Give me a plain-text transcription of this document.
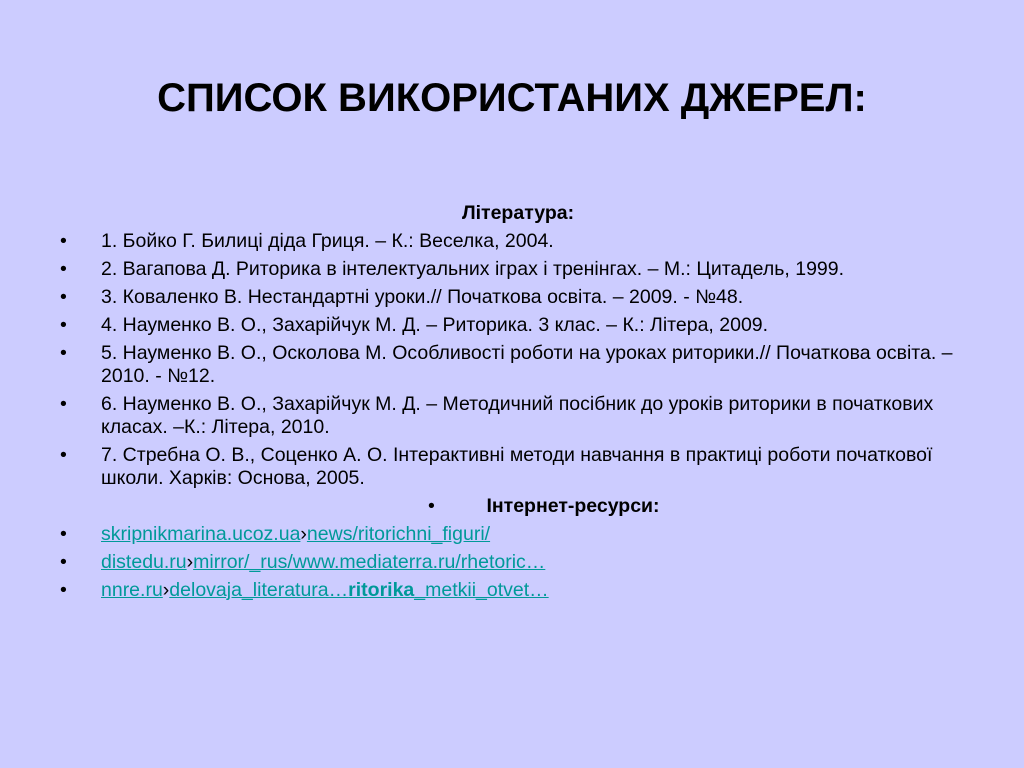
СПИСОК ВИКОРИСТАНИХ ДЖЕРЕЛ:
Література:
• 1. Бойко Г. Билиці діда Гриця. – К.: Веселка, 2004.
• 2. Вагапова Д. Риторика в інтелектуальних іграх і тренінгах. – М.: Цитадель, 1999.
• 3. Коваленко В. Нестандартні уроки.// Початкова освіта. – 2009. - №48.
• 4. Науменко В. О., Захарійчук М. Д. – Риторика. 3 клас. – К.: Літера, 2009.
• 5. Науменко В. О., Осколова М. Особливості роботи на уроках риторики.// Початкова освіта. – 2010. - №12.
• 6. Науменко В. О., Захарійчук М. Д. – Методичний посібник до уроків риторики в початкових класах. –К.: Літера, 2010.
• 7. Стребна О. В., Соценко А. О. Інтерактивні методи навчання в практиці роботи початкової школи. Харків: Основа, 2005.
•	Інтернет-ресурси:
• skripnikmarina.ucoz.ua›news/ritorichni_figuri/
• distedu.ru›mirror/_rus/www.mediaterra.ru/rhetoric…
• nnre.ru›delovaja_literatura…ritorika_metkii_otvet…
